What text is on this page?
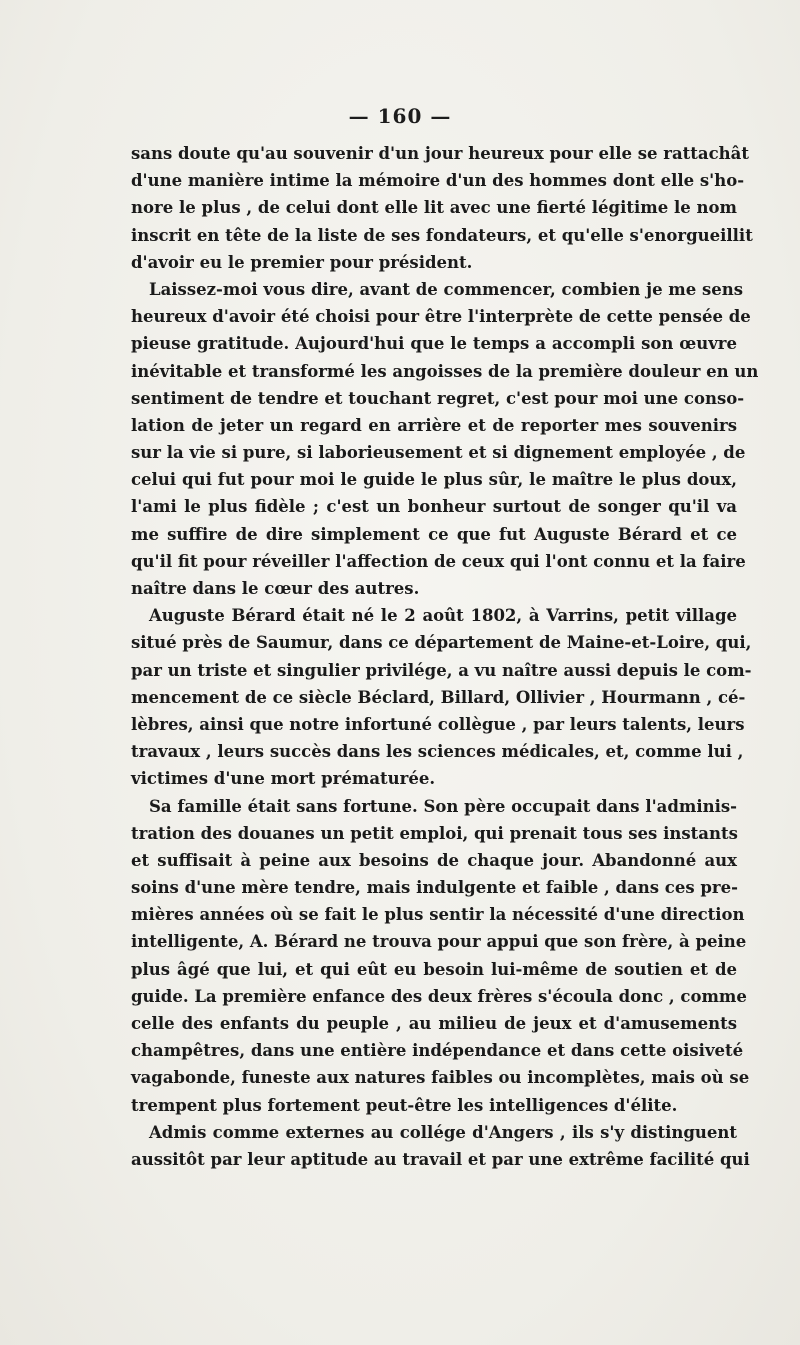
— 160 —
sans doute qu'au souvenir d'un jour heureux pour elle se rattachât
d'une manière intime la mémoire d'un des hommes dont elle s'ho-
nore le plus , de celui dont elle lit avec une fierté légitime le nom
inscrit en tête de la liste de ses fondateurs, et qu'elle s'enorgueillit
d'avoir eu le premier pour président.
Laissez-moi vous dire, avant de commencer, combien je me sens
heureux d'avoir été choisi pour être l'interprète de cette pensée de
pieuse gratitude. Aujourd'hui que le temps a accompli son œuvre
inévitable et transformé les angoisses de la première douleur en un
sentiment de tendre et touchant regret, c'est pour moi une conso-
lation de jeter un regard en arrière et de reporter mes souvenirs
sur la vie si pure, si laborieusement et si dignement employée , de
celui qui fut pour moi le guide le plus sûr, le maître le plus doux,
l'ami le plus fidèle ; c'est un bonheur surtout de songer qu'il va
me suffire de dire simplement ce que fut Auguste Bérard et ce
qu'il fit pour réveiller l'affection de ceux qui l'ont connu et la faire
naître dans le cœur des autres.
Auguste Bérard était né le 2 août 1802, à Varrins, petit village
situé près de Saumur, dans ce département de Maine-et-Loire, qui,
par un triste et singulier privilége, a vu naître aussi depuis le com-
mencement de ce siècle Béclard, Billard, Ollivier , Hourmann , cé-
lèbres, ainsi que notre infortuné collègue , par leurs talents, leurs
travaux , leurs succès dans les sciences médicales, et, comme lui ,
victimes d'une mort prématurée.
Sa famille était sans fortune. Son père occupait dans l'adminis-
tration des douanes un petit emploi, qui prenait tous ses instants
et suffisait à peine aux besoins de chaque jour. Abandonné aux
soins d'une mère tendre, mais indulgente et faible , dans ces pre-
mières années où se fait le plus sentir la nécessité d'une direction
intelligente, A. Bérard ne trouva pour appui que son frère, à peine
plus âgé que lui, et qui eût eu besoin lui-même de soutien et de
guide. La première enfance des deux frères s'écoula donc , comme
celle des enfants du peuple , au milieu de jeux et d'amusements
champêtres, dans une entière indépendance et dans cette oisiveté
vagabonde, funeste aux natures faibles ou incomplètes, mais où se
trempent plus fortement peut-être les intelligences d'élite.
Admis comme externes au collége d'Angers , ils s'y distinguent
aussitôt par leur aptitude au travail et par une extrême facilité qui
